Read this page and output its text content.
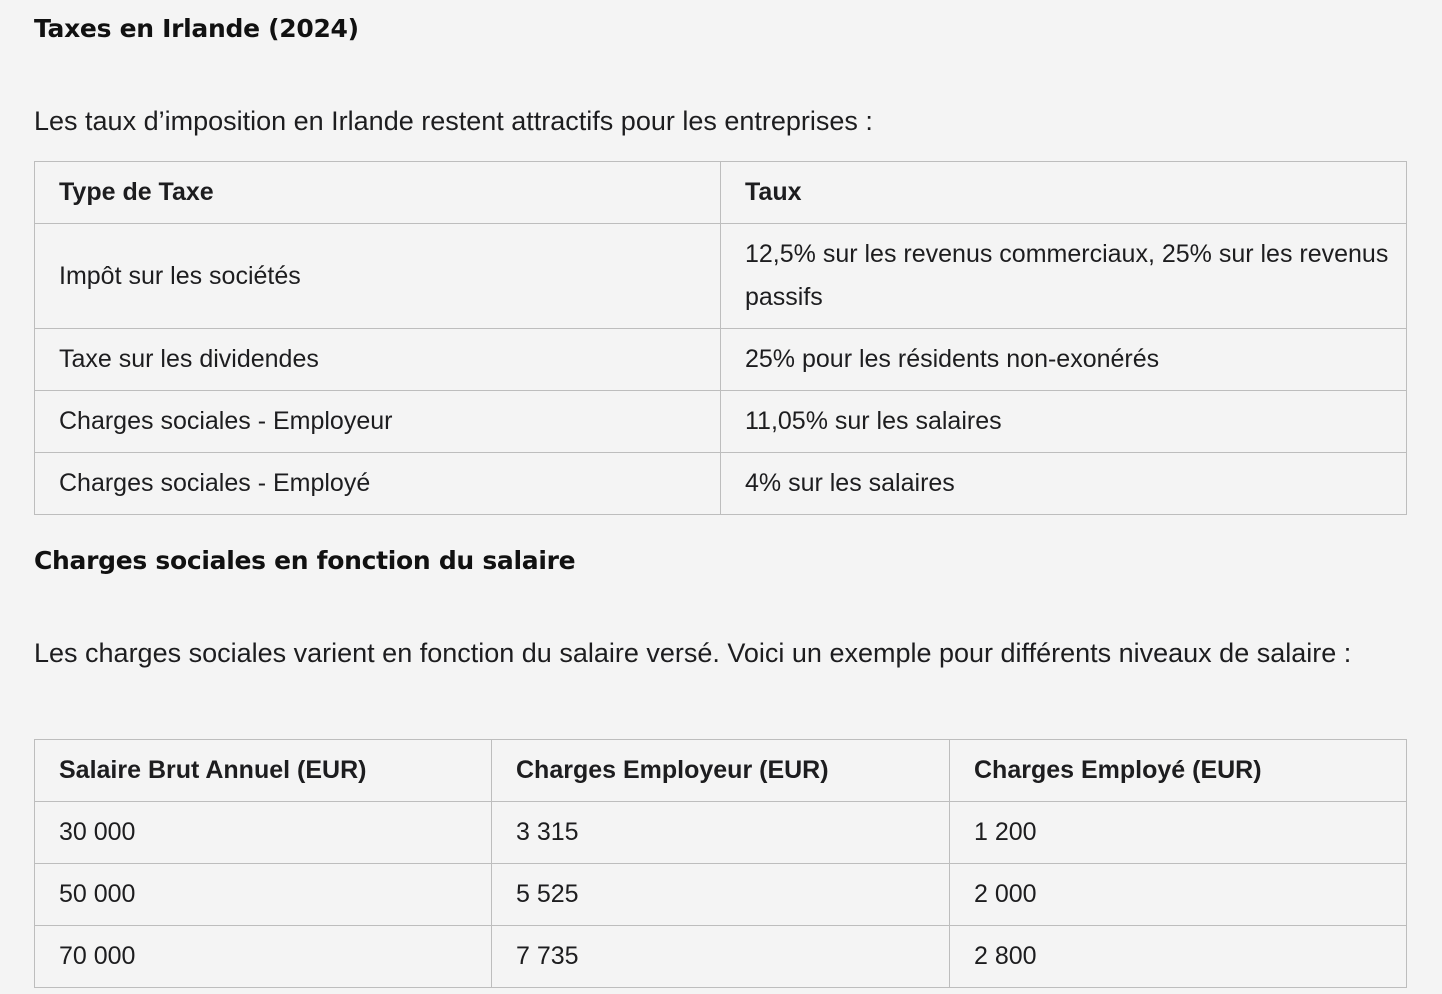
Taxes en Irlande (2024)

Les taux d’imposition en Irlande restent attractifs pour les entreprises :

Type de Taxe	Taux
Impôt sur les sociétés	12,5% sur les revenus commerciaux, 25% sur les revenus passifs
Taxe sur les dividendes	25% pour les résidents non-exonérés
Charges sociales - Employeur	11,05% sur les salaires
Charges sociales - Employé	4% sur les salaires
Charges sociales en fonction du salaire

Les charges sociales varient en fonction du salaire versé. Voici un exemple pour différents niveaux de salaire :

Salaire Brut Annuel (EUR)	Charges Employeur (EUR)	Charges Employé (EUR)
30 000	3 315	1 200
50 000	5 525	2 000
70 000	7 735	2 800
